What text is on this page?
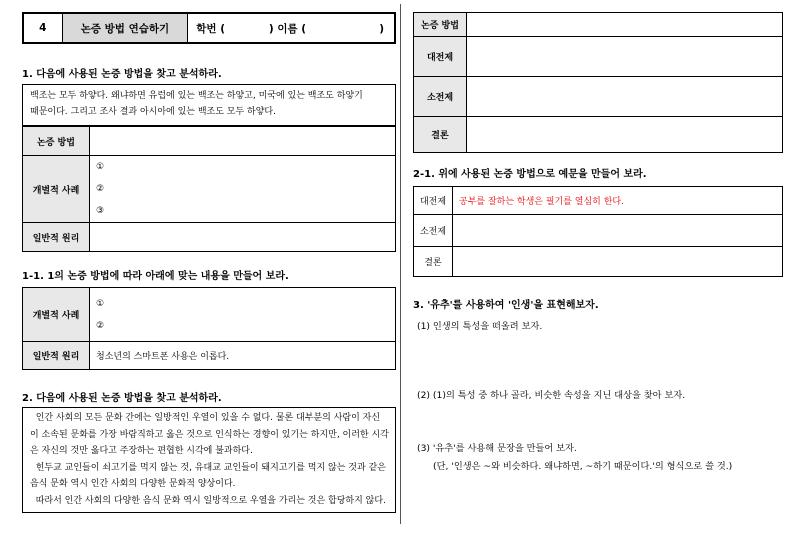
4	논증 방법 연습하기	학번 (            ) 이름 (                    )
1. 다음에 사용된 논증 방법을 찾고 분석하라.
백조는 모두 하얗다. 왜냐하면 유럽에 있는 백조는 하얗고, 미국에 있는 백조도 하얗기
때문이다. 그리고 조사 결과 아시아에 있는 백조도 모두 하얗다.
논증 방법	
개별적 사례	①
②
③

일반적 원리	
1-1. 1의 논증 방법에 따라 아래에 맞는 내용을 만들어 보라.
개별적 사례	①
②

일반적 원리	청소년의 스마트폰 사용은 이롭다.
2. 다음에 사용된 논증 방법을 찾고 분석하라.
인간 사회의 모든 문화 간에는 일방적인 우열이 있을 수 없다. 물론 대부분의 사람이 자신
이 소속된 문화를 가장 바람직하고 옳은 것으로 인식하는 경향이 있기는 하지만, 이러한 시각
은 자신의 것만 옳다고 주장하는 편협한 시각에 불과하다.
힌두교 교인들이 쇠고기를 먹지 않는 것, 유대교 교인들이 돼지고기를 먹지 않는 것과 같은
음식 문화 역시 인간 사회의 다양한 문화적 양상이다.
따라서 인간 사회의 다양한 음식 문화 역시 일방적으로 우열을 가리는 것은 합당하지 않다.
논증 방법	
대전제	
소전제	
결론	
2-1. 위에 사용된 논증 방법으로 예문을 만들어 보라.
대전제	공부를 잘하는 학생은 필기를 열심히 한다.
소전제	
결론	
3. '유추'를 사용하여 '인생'을 표현해보자.
(1) 인생의 특성을 떠올려 보자.
(2) (1)의 특성 중 하나 골라, 비슷한 속성을 지닌 대상을 찾아 보자.
(3) '유추'를 사용해 문장을 만들어 보자.
(단, '인생은 ~와 비슷하다. 왜냐하면, ~하기 때문이다.'의 형식으로 쓸 것.)
